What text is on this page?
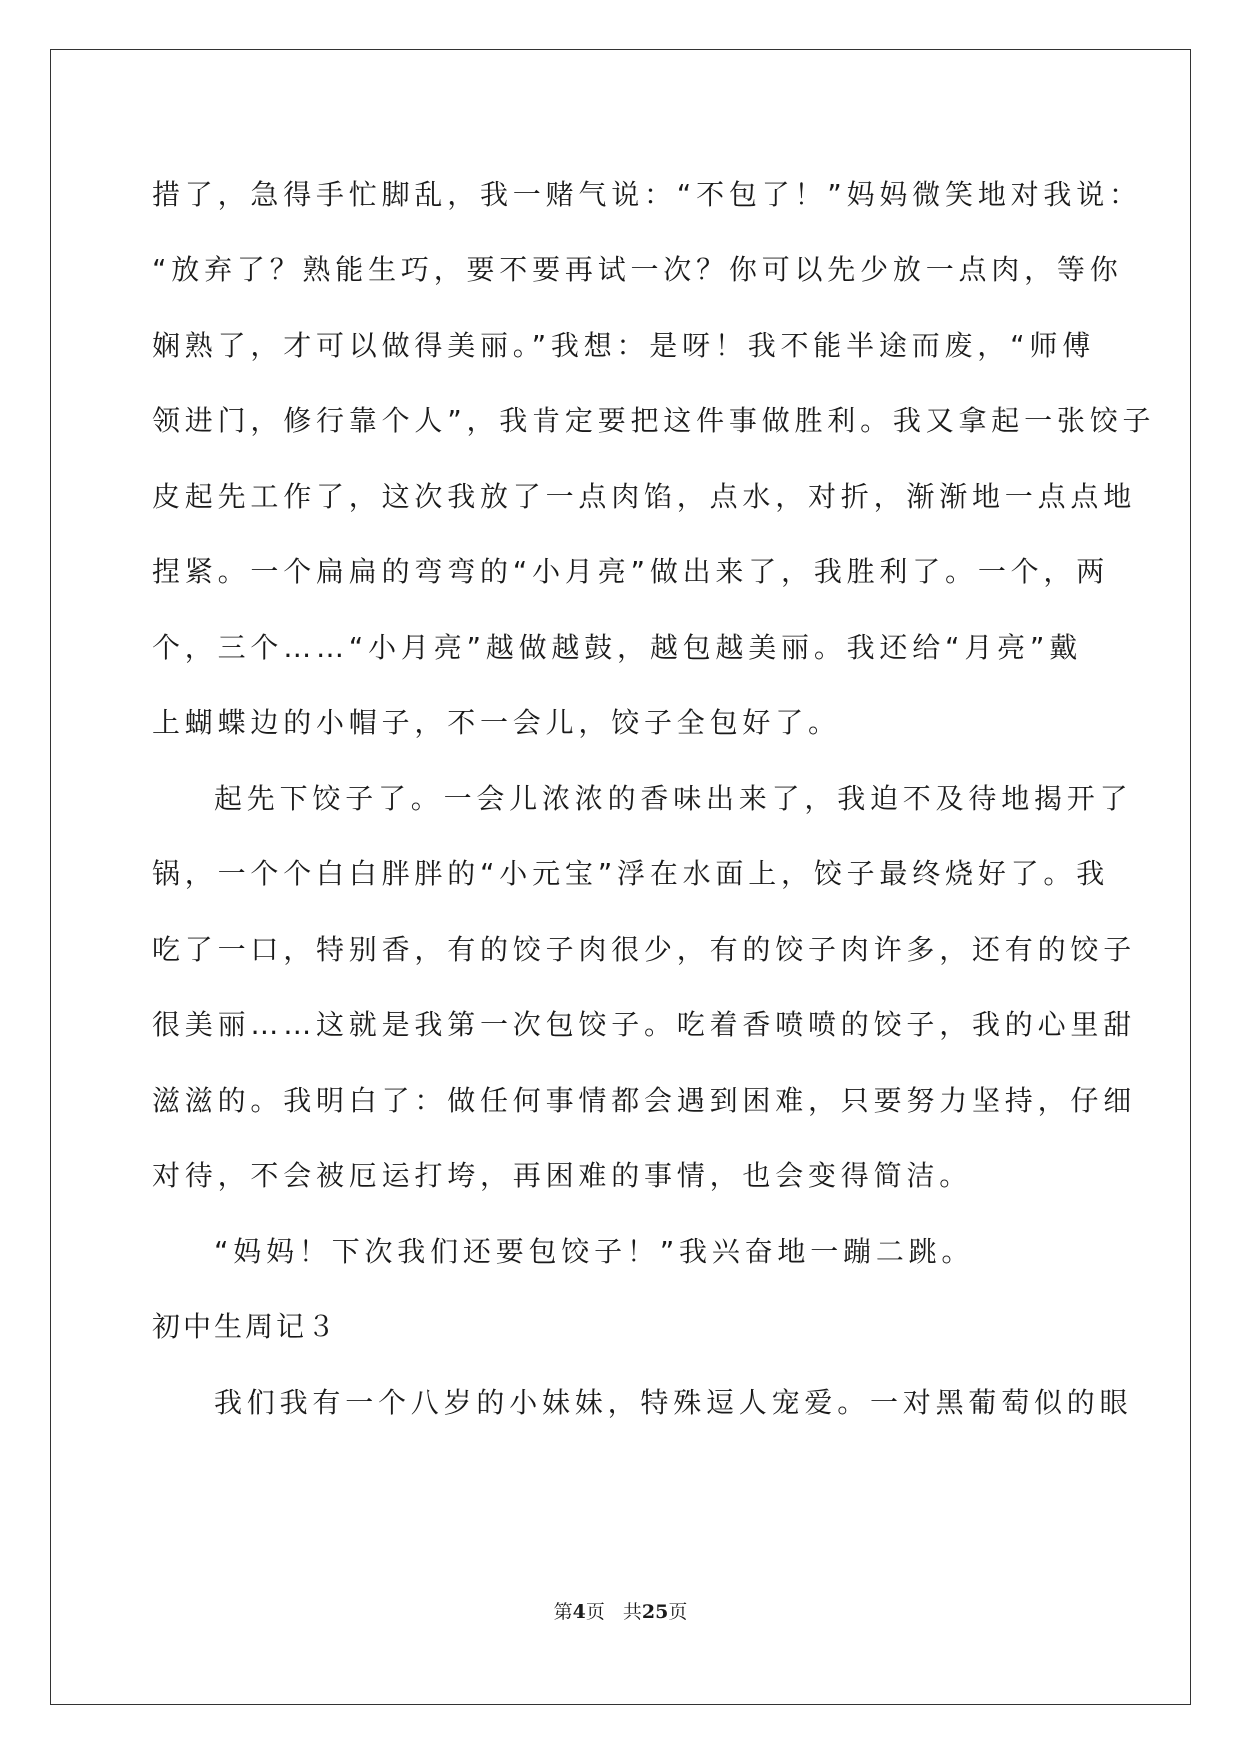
措了，急得手忙脚乱，我一赌气说：“不包了！”妈妈微笑地对我说：
“放弃了？熟能生巧，要不要再试一次？你可以先少放一点肉，等你
娴熟了，才可以做得美丽。”我想：是呀！我不能半途而废，“师傅
领进门，修行靠个人”，我肯定要把这件事做胜利。我又拿起一张饺子
皮起先工作了，这次我放了一点肉馅，点水，对折，渐渐地一点点地
捏紧。一个扁扁的弯弯的“小月亮”做出来了，我胜利了。一个，两
个，三个……“小月亮”越做越鼓，越包越美丽。我还给“月亮”戴
上蝴蝶边的小帽子，不一会儿，饺子全包好了。
起先下饺子了。一会儿浓浓的香味出来了，我迫不及待地揭开了
锅，一个个白白胖胖的“小元宝”浮在水面上，饺子最终烧好了。我
吃了一口，特别香，有的饺子肉很少，有的饺子肉许多，还有的饺子
很美丽……这就是我第一次包饺子。吃着香喷喷的饺子，我的心里甜
滋滋的。我明白了：做任何事情都会遇到困难，只要努力坚持，仔细
对待，不会被厄运打垮，再困难的事情，也会变得简洁。
“妈妈！下次我们还要包饺子！”我兴奋地一蹦二跳。
初中生周记３
我们我有一个八岁的小妹妹，特殊逗人宠爱。一对黑葡萄似的眼
第4页 共25页
